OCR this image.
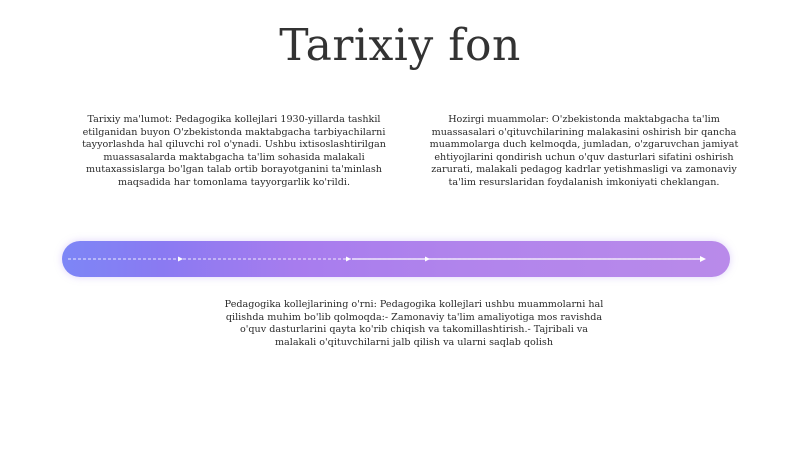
Tarixiy fon
Tarixiy ma'lumot: Pedagogika kollejlari 1930-yillarda tashkil etilganidan buyon O'zbekistonda maktabgacha tarbiyachilarni tayyorlashda hal qiluvchi rol o'ynadi. Ushbu ixtisoslashtirilgan muassasalarda maktabgacha ta'lim sohasida malakali mutaxassislarga bo'lgan talab ortib borayotganini ta'minlash maqsadida har tomonlama tayyorgarlik ko'rildi.
Hozirgi muammolar: O'zbekistonda maktabgacha ta'lim muassasalari o'qituvchilarining malakasini oshirish bir qancha muammolarga duch kelmoqda, jumladan, o'zgaruvchan jamiyat ehtiyojlarini qondirish uchun o'quv dasturlari sifatini oshirish zarurati, malakali pedagog kadrlar yetishmasligi va zamonaviy ta'lim resurslaridan foydalanish imkoniyati cheklangan.
Pedagogika kollejlarining o'rni: Pedagogika kollejlari ushbu muammolarni hal qilishda muhim bo'lib qolmoqda:- Zamonaviy ta'lim amaliyotiga mos ravishda o'quv dasturlarini qayta ko'rib chiqish va takomillashtirish.- Tajribali va malakali o'qituvchilarni jalb qilish va ularni saqlab qolish
